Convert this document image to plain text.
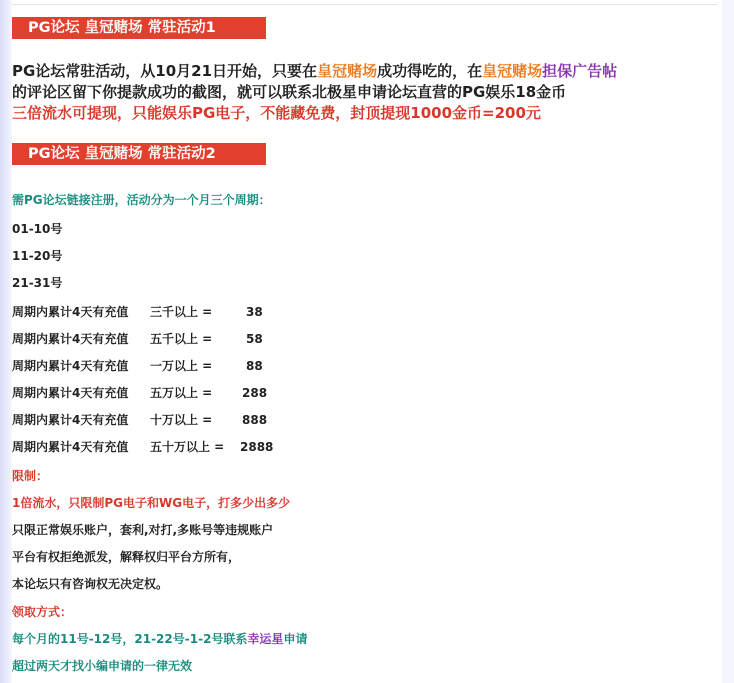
PG论坛 皇冠赌场 常驻活动1
PG论坛常驻活动，从10月21日开始，只要在皇冠赌场成功得吃的，在皇冠赌场担保广告帖
的评论区留下你提款成功的截图，就可以联系北极星申请论坛直营的PG娱乐18金币
三倍流水可提现，只能娱乐PG电子，不能藏免费，封顶提现1000金币=200元
PG论坛 皇冠赌场 常驻活动2
需PG论坛链接注册，活动分为一个月三个周期：
01-10号
11-20号
21-31号
周期内累计4天有充值 三千以上 =	38
周期内累计4天有充值 五千以上 =	58
周期内累计4天有充值 一万以上 =	88
周期内累计4天有充值 五万以上 = 288
周期内累计4天有充值 十万以上 = 888
周期内累计4天有充值 五十万以上 = 2888
限制：
1倍流水，只限制PG电子和WG电子，打多少出多少
只限正常娱乐账户，套利,对打,多账号等违规账户
平台有权拒绝派发，解释权归平台方所有，
本论坛只有咨询权无决定权。
领取方式：
每个月的11号-12号，21-22号-1-2号联系幸运星申请
超过两天才找小编申请的一律无效
